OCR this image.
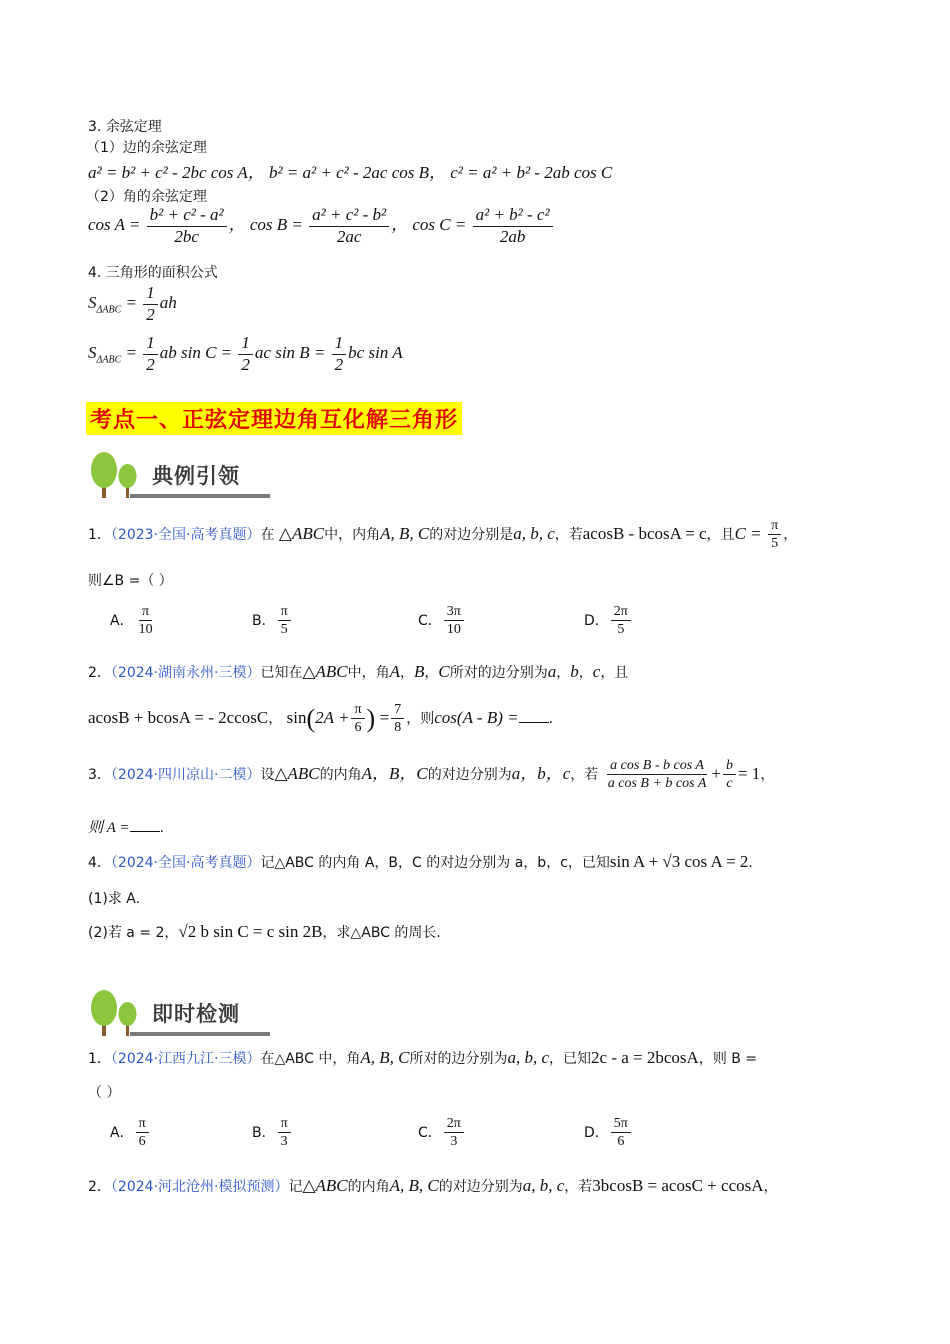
3. 余弦定理
（1）边的余弦定理
a² = b² + c² - 2bc cos A， b² = a² + c² - 2ac cos B， c² = a² + b² - 2ab cos C
（2）角的余弦定理
$\cos A = \frac{\text{b² + c² - a²}}{2bc}$ ， $\cos B = \frac{\text{a² + c² - b²}}{2ac}$ ， $\cos C = \frac{\text{a² + b² - c²}}{2ab}$
4. 三角形的面积公式
$S_{\Delta ABC} = \frac{1}{2}$ ah
$S_{\Delta ABC} = \frac{1}{2}$ ab $\sin C = \frac{1}{2}$ ac $\sin B = \frac{1}{2}$ bc sin A
考点一、正弦定理边角互化解三角形
典例引领
1．（2023·全国·高考真题）在 △ABC中，内角A, B, C的对边分别是a, b, c，若acosB - bcosA = c，且$C = \frac{\pi}{5}$ ，
则∠B =（ ）
A． $\frac{\pi}{10}$	B． $\frac{\pi}{5}$	C． $\frac{3\pi}{10}$	D． $\frac{2\pi}{5}$
2．（2024·湖南永州·三模）已知在△ABC中，角A，B，C所对的边分别为a，b，c，且
acosB + bcosA = - 2ccosC， $\sin(2A + \frac{\pi}{6}$ ) = $\frac{7}{8}$ ，则cos(A - B) = .
3．（2024·四川凉山·二模）设△ABC的内角A，B，C的对边分别为a，b，c，若 $\frac{\text{a cos B - b cos A}}{\text{a cos B + b cos A}} + \frac{b}{c} = 1$，
则 A = .
4．（2024·全国·高考真题）记△ABC 的内角 A，B，C 的对边分别为 a，b，c，已知sin A + √3 cos A = 2.
(1)求 A.
(2)若 a = 2，√2 b sin C = c sin 2B，求△ABC 的周长.
即时检测
1．（2024·江西九江·三模）在△ABC 中，角A, B, C所对的边分别为a, b, c，已知2c - a = 2bcosA，则 B =
（ ）
A． $\frac{\pi}{6}$	B． $\frac{\pi}{3}$	C． $\frac{2\pi}{3}$	D． $\frac{5\pi}{6}$
2．（2024·河北沧州·模拟预测）记△ABC的内角A, B, C的对边分别为a, b, c，若3bcosB = acosC + ccosA，
